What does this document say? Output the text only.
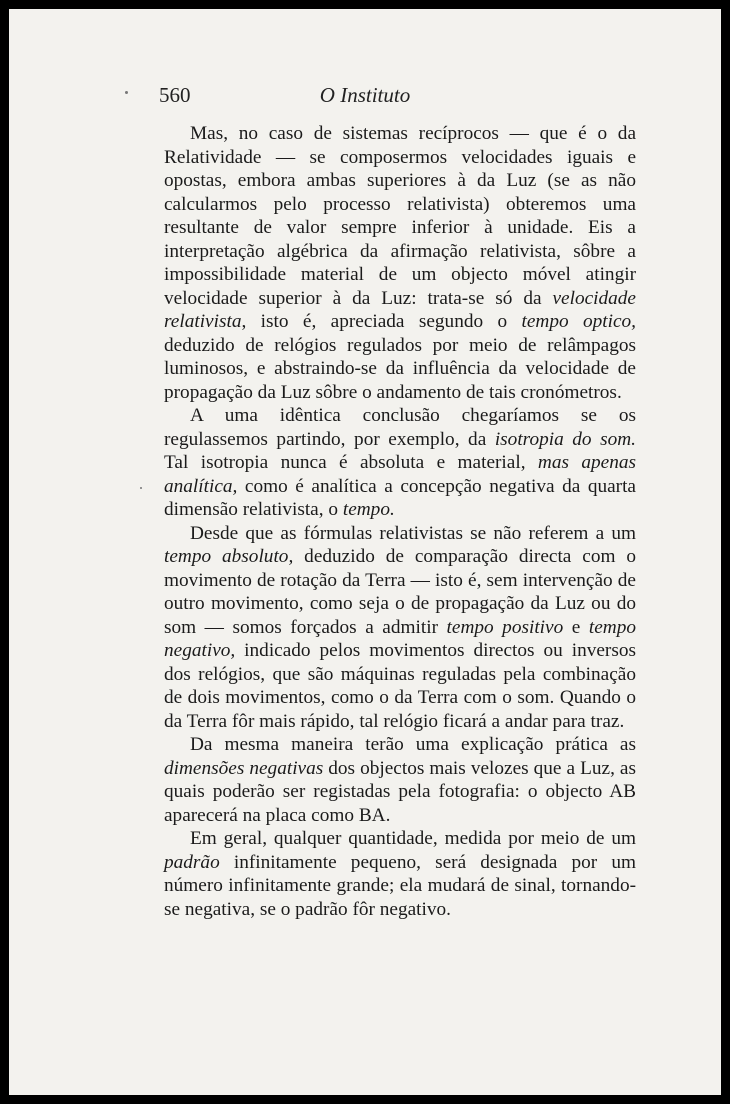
O Instituto
560

Mas, no caso de sistemas recíprocos — que é o da Relatividade — se composermos velocidades iguais e opostas, embora ambas superiores à da Luz (se as não calcularmos pelo processo relativista) obteremos uma resultante de valor sempre inferior à unidade. Eis a interpretação algébrica da afirmação relativista, sôbre a impossibilidade material de um objecto móvel atingir velocidade superior à da Luz: trata-se só da velocidade relativista, isto é, apreciada segundo o tempo optico, deduzido de relógios regulados por meio de relâmpagos luminosos, e abstraindo-se da influência da velocidade de propagação da Luz sôbre o andamento de tais cronómetros.

A uma idêntica conclusão chegaríamos se os regulassemos partindo, por exemplo, da isotropia do som. Tal isotropia nunca é absoluta e material, mas apenas analítica, como é analítica a concepção negativa da quarta dimensão relativista, o tempo.

Desde que as fórmulas relativistas se não referem a um tempo absoluto, deduzido de comparação directa com o movimento de rotação da Terra — isto é, sem intervenção de outro movimento, como seja o de propagação da Luz ou do som — somos forçados a admitir tempo positivo e tempo negativo, indicado pelos movimentos directos ou inversos dos relógios, que são máquinas reguladas pela combinação de dois movimentos, como o da Terra com o som. Quando o da Terra fôr mais rápido, tal relógio ficará a andar para traz.

Da mesma maneira terão uma explicação prática as dimensões negativas dos objectos mais velozes que a Luz, as quais poderão ser registadas pela fotografia: o objecto AB aparecerá na placa como BA.

Em geral, qualquer quantidade, medida por meio de um padrão infinitamente pequeno, será designada por um número infinitamente grande; ela mudará de sinal, tornando-se negativa, se o padrão fôr negativo.
